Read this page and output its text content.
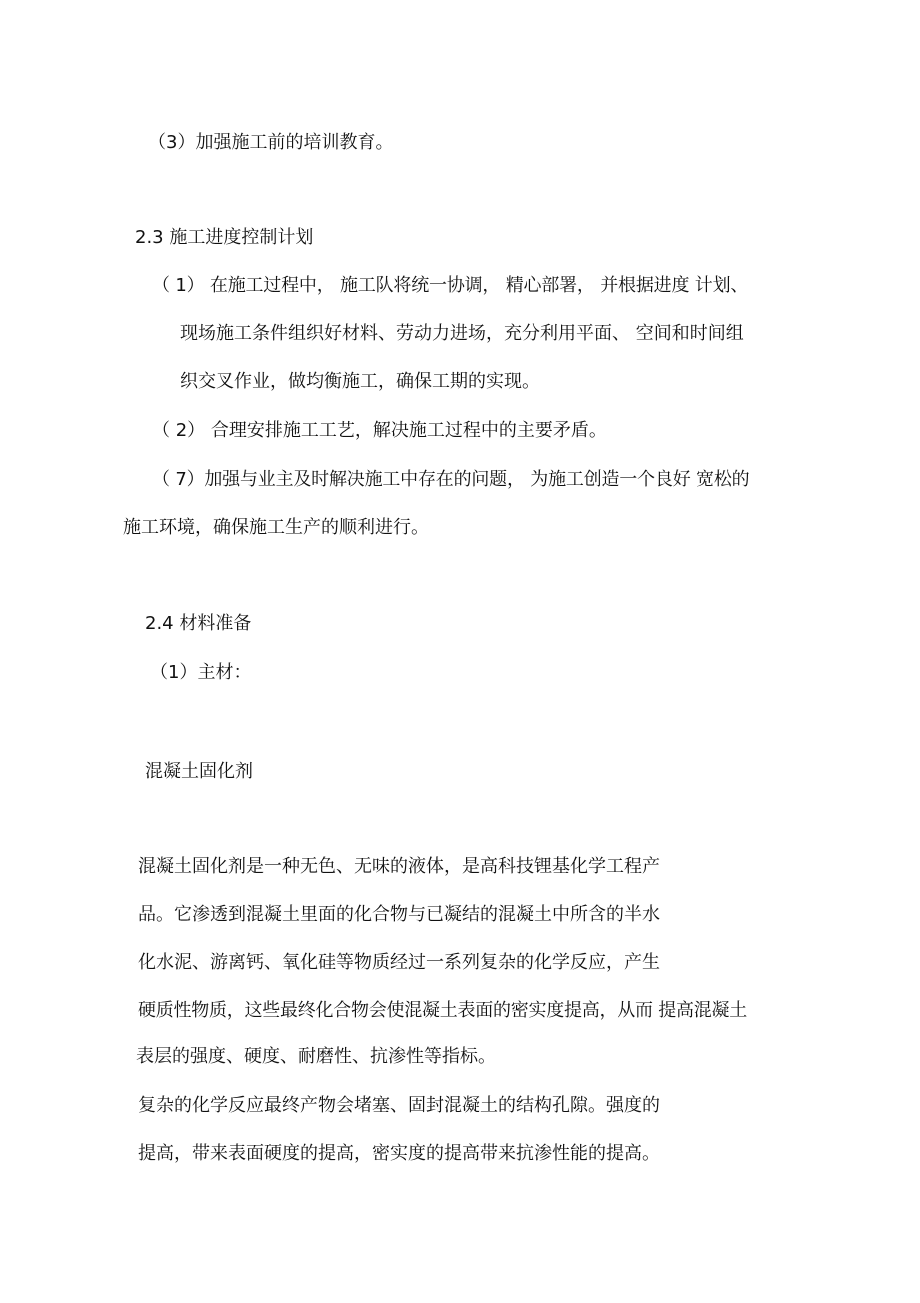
（3）加强施工前的培训教育。
2.3 施工进度控制计划
（ 1） 在施工过程中， 施工队将统一协调， 精心部署， 并根据进度 计划、
现场施工条件组织好材料、劳动力进场，充分利用平面、 空间和时间组
织交叉作业，做均衡施工，确保工期的实现。
（ 2） 合理安排施工工艺，解决施工过程中的主要矛盾。
（ 7）加强与业主及时解决施工中存在的问题， 为施工创造一个良好 宽松的
施工环境，确保施工生产的顺利进行。
2.4 材料准备
（1）主材：
混凝土固化剂
混凝土固化剂是一种无色、无味的液体，是高科技锂基化学工程产
品。它渗透到混凝土里面的化合物与已凝结的混凝土中所含的半水
化水泥、游离钙、氧化硅等物质经过一系列复杂的化学反应，产生
硬质性物质，这些最终化合物会使混凝土表面的密实度提高，从而 提高混凝土
表层的强度、硬度、耐磨性、抗渗性等指标。
复杂的化学反应最终产物会堵塞、固封混凝土的结构孔隙。强度的
提高，带来表面硬度的提高，密实度的提高带来抗渗性能的提高。
